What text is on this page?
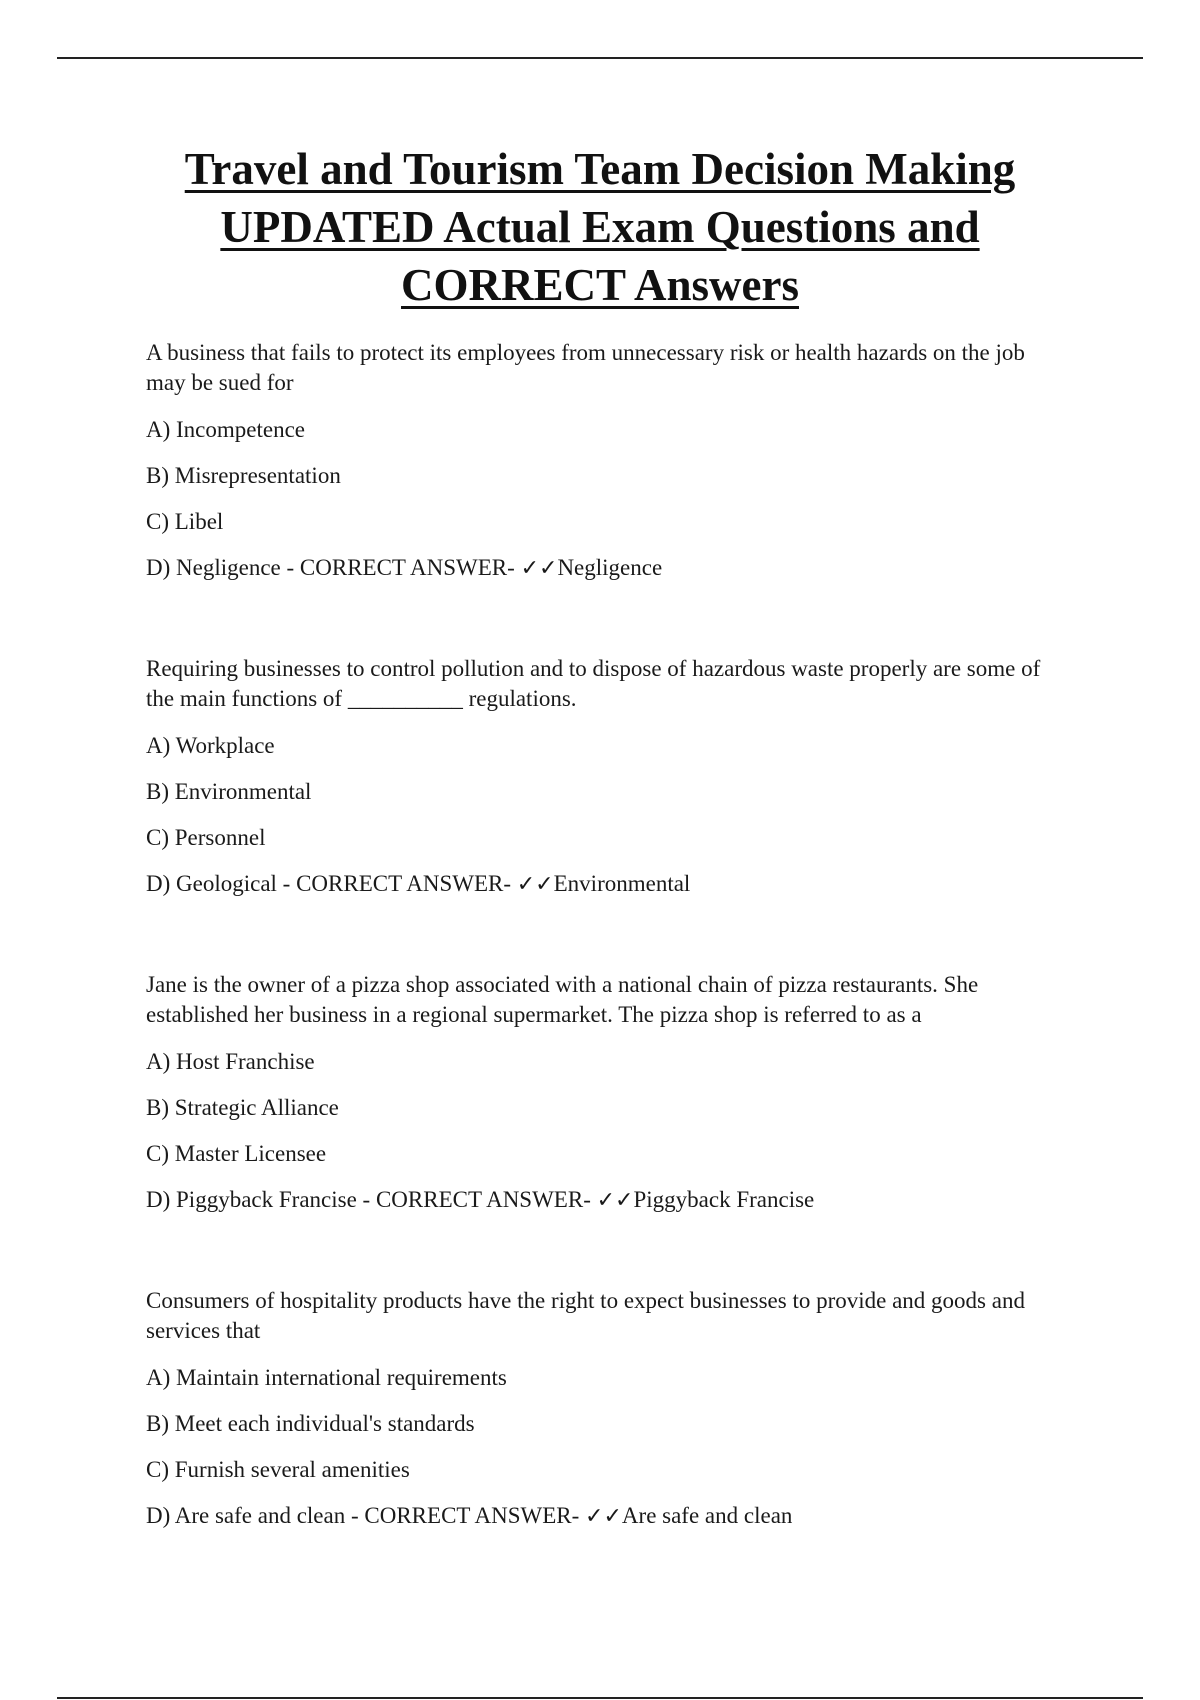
Travel and Tourism Team Decision Making
UPDATED Actual Exam Questions and
CORRECT Answers

A business that fails to protect its employees from unnecessary risk or health hazards on the job may be sued for

A) Incompetence

B) Misrepresentation

C) Libel

D) Negligence - CORRECT ANSWER- ✓✓Negligence

Requiring businesses to control pollution and to dispose of hazardous waste properly are some of the main functions of __________ regulations.

A) Workplace

B) Environmental

C) Personnel

D) Geological - CORRECT ANSWER- ✓✓Environmental

Jane is the owner of a pizza shop associated with a national chain of pizza restaurants. She established her business in a regional supermarket. The pizza shop is referred to as a

A) Host Franchise

B) Strategic Alliance

C) Master Licensee

D) Piggyback Francise - CORRECT ANSWER- ✓✓Piggyback Francise

Consumers of hospitality products have the right to expect businesses to provide and goods and services that

A) Maintain international requirements

B) Meet each individual's standards

C) Furnish several amenities

D) Are safe and clean - CORRECT ANSWER- ✓✓Are safe and clean
